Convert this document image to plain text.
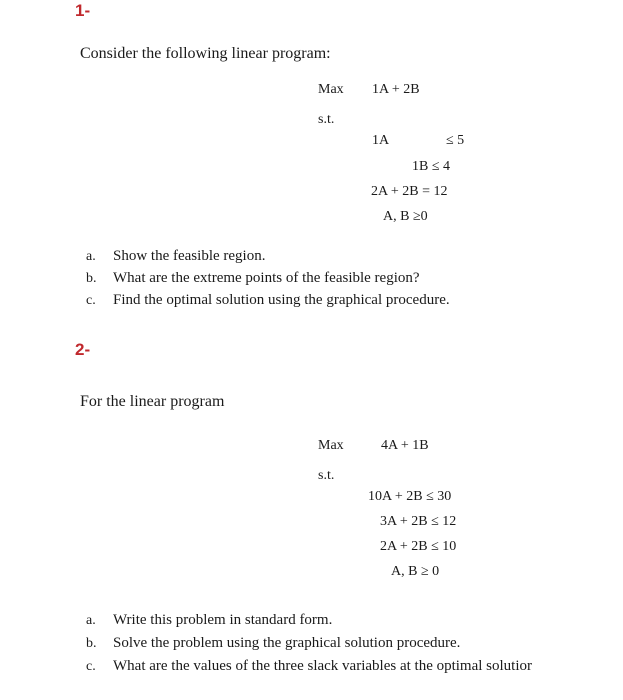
1-
Consider the following linear program:
Max 1A + 2B
s.t.
1A	≤ 5
1B ≤ 4
2A + 2B = 12
A, B ≥0
a. Show the feasible region.
b. What are the extreme points of the feasible region?
c. Find the optimal solution using the graphical procedure.
2-
For the linear program
Max	4A + 1B
s.t.
10A + 2B ≤ 30
3A + 2B ≤ 12
2A + 2B ≤ 10
A, B ≥ 0
a. Write this problem in standard form.
b. Solve the problem using the graphical solution procedure.
c. What are the values of the three slack variables at the optimal solutior
